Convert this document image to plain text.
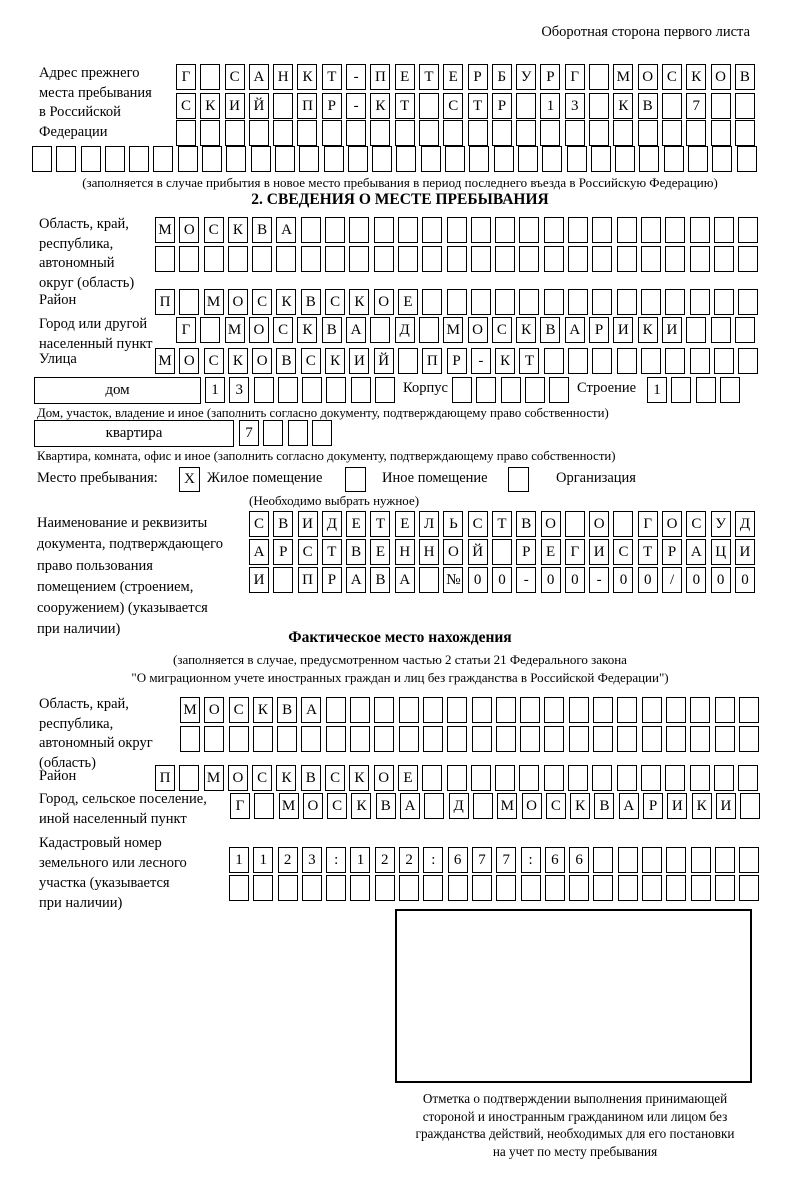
Оборотная сторона первого листа
Адрес прежнего
места пребывания
в Российской
Федерации
Г	С А Н К Т	-	П Е	Т	Е	Р	Б У Р	Г	М О С К О В
С К И Й	П Р	-	К Т	С Т	Р	1	3	К В	7
(заполняется в случае прибытия в новое место пребывания в период последнего въезда в Российскую Федерацию)
2. СВЕДЕНИЯ О МЕСТЕ ПРЕБЫВАНИЯ
Область, край,
республика,
автономный
округ (область)
М О С К В А
Район	П	М О С К В С К О Е
Город или другой
населенный пункт
Г	М О С К В А	Д	М О С К В А Р И К И
Улица	М О С К О В С К И Й	П Р	-	К Т
дом	1	3	Корпус	Строение	1
Дом, участок, владение и иное (заполнить согласно документу, подтверждающему право собственности)
квартира	7
Квартира, комната, офис и иное (заполнить согласно документу, подтверждающему право собственности)
Место пребывания:	X Жилое помещение	Иное помещение	Организация
(Необходимо выбрать нужное)
Наименование и реквизиты
документа, подтверждающего
право пользования
помещением (строением,
сооружением) (указывается
при наличии)
С В И Д Е	Т	Е Л Ь С Т В О	О	Г О С У Д
А Р	С Т В Е Н Н О Й	Р	Е	Г И С Т	Р А Ц И
И	П Р А В А	№ 0	0	-	0	0	-	0	0	/	0	0	0
Фактическое место нахождения
(заполняется в случае, предусмотренном частью 2 статьи 21 Федерального закона
"О миграционном учете иностранных граждан и лиц без гражданства в Российской Федерации")
Область, край,
республика,
автономный округ
(область)
М О С К В А
Район	П	М О С К В С К О Е
Город, сельское поселение,
иной населенный пункт
Г	М О С К В А	Д	М О С К В А Р И К И
Кадастровый номер
земельного или лесного
участка (указывается
при наличии)
1	1	2	3	:	1	2	2	:	6	7	7	:	6	6
Отметка о подтверждении выполнения принимающей
стороной и иностранным гражданином или лицом без
гражданства действий, необходимых для его постановки
на учет по месту пребывания
